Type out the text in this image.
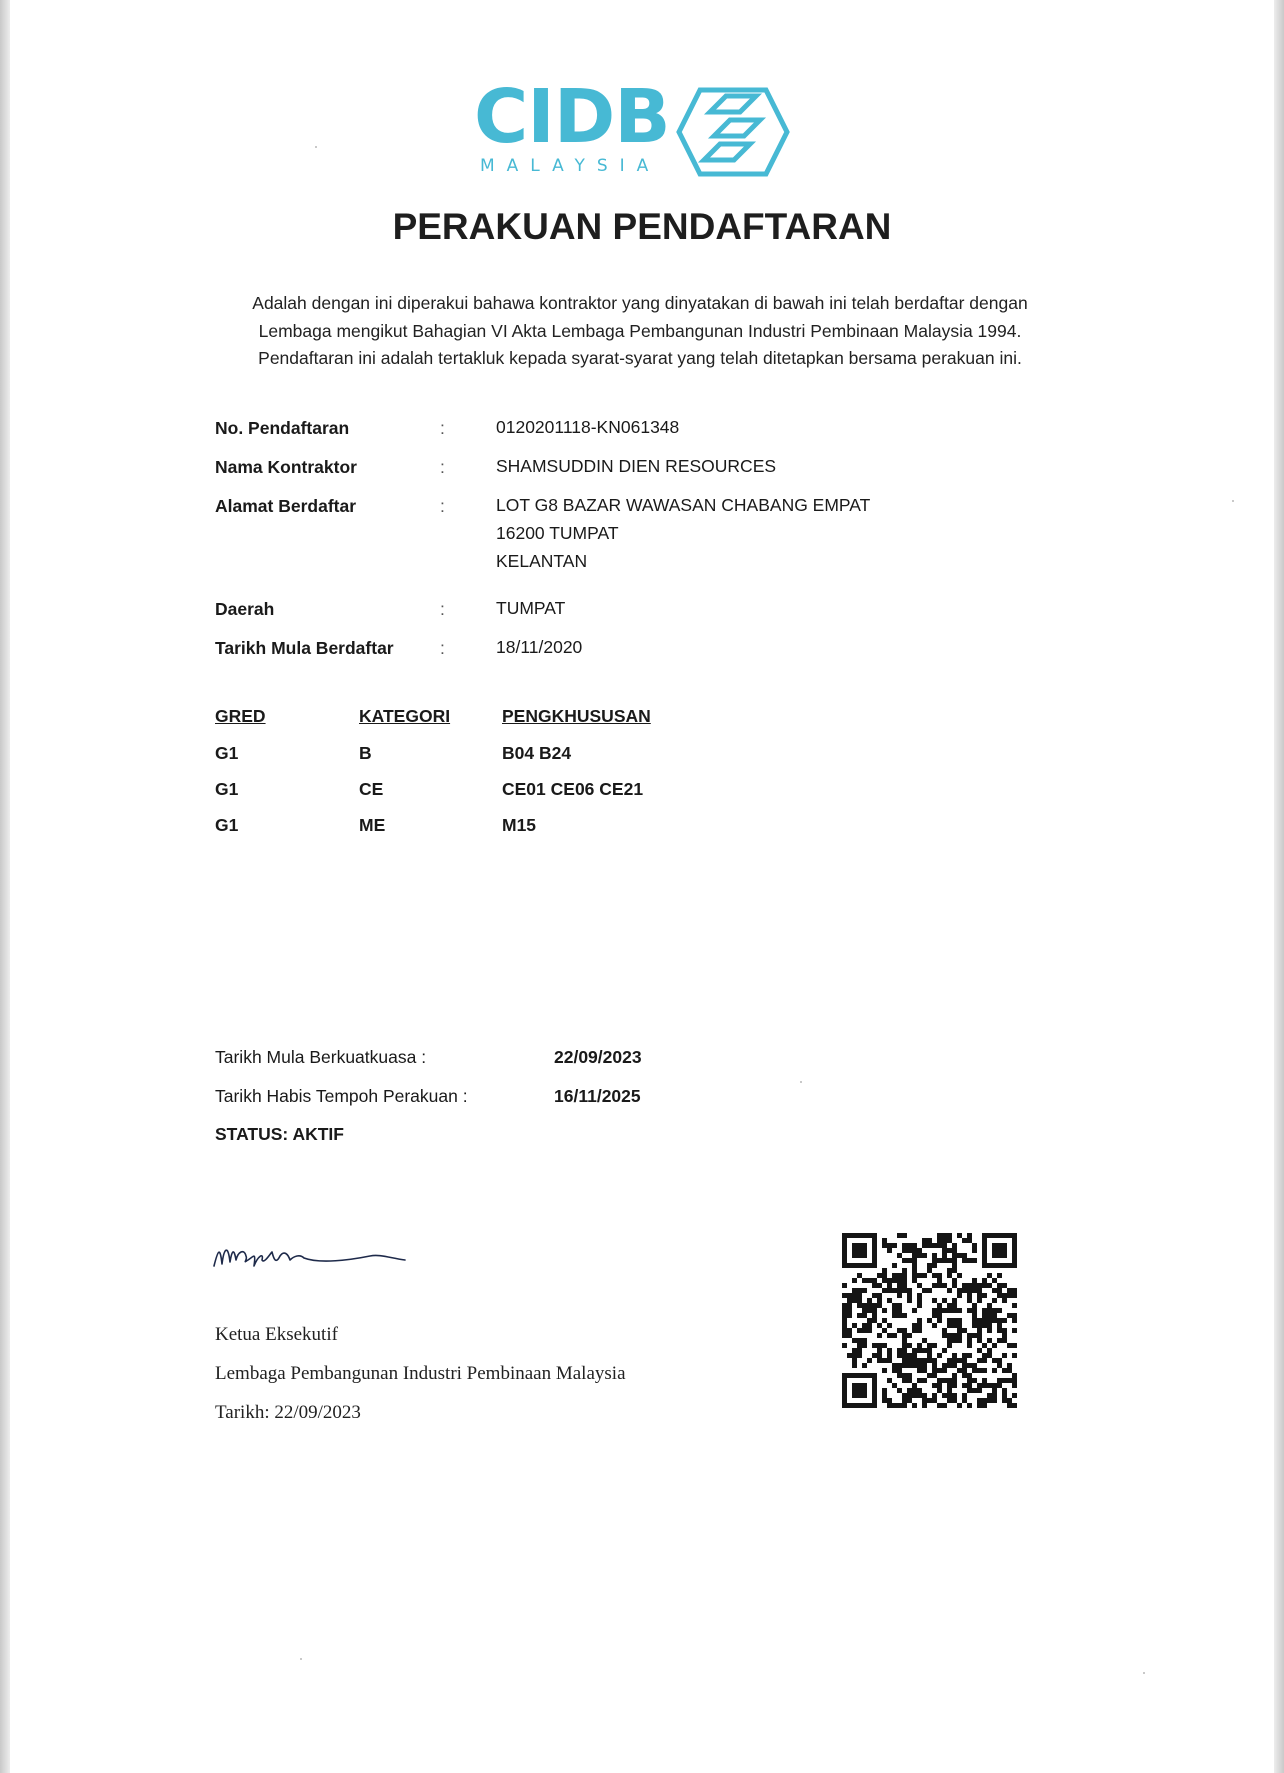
CIDB
MALAYSIA
PERAKUAN PENDAFTARAN
Adalah dengan ini diperakui bahawa kontraktor yang dinyatakan di bawah ini telah berdaftar dengan
Lembaga mengikut Bahagian VI Akta Lembaga Pembangunan Industri Pembinaan Malaysia 1994.
Pendaftaran ini adalah tertakluk kepada syarat-syarat yang telah ditetapkan bersama perakuan ini.
No. Pendaftaran	:	0120201118-KN061348
Nama Kontraktor	:	SHAMSUDDIN DIEN RESOURCES
Alamat Berdaftar	:	LOT G8 BAZAR WAWASAN CHABANG EMPAT
16200 TUMPAT
KELANTAN
Daerah	:	TUMPAT
Tarikh Mula Berdaftar	:	18/11/2020
GRED	KATEGORI	PENGKHUSUSAN
G1	B	B04 B24
G1	CE	CE01 CE06 CE21
G1	ME	M15
Tarikh Mula Berkuatkuasa :	22/09/2023
Tarikh Habis Tempoh Perakuan :	16/11/2025
STATUS: AKTIF
Ketua Eksekutif
Lembaga Pembangunan Industri Pembinaan Malaysia
Tarikh: 22/09/2023
